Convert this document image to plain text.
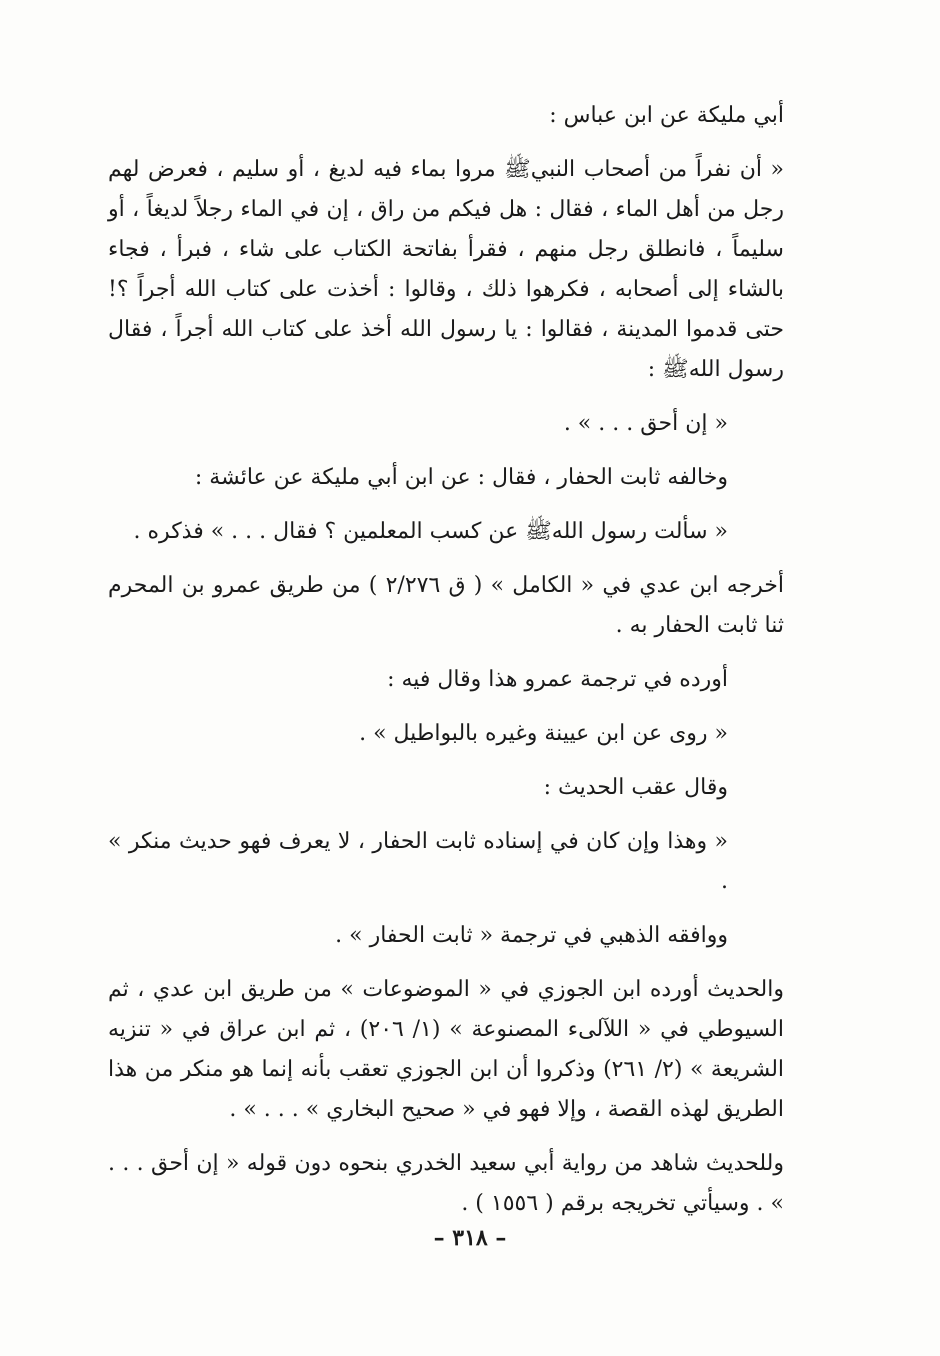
أبي مليكة عن ابن عباس :

« أن نفراً من أصحاب النبيﷺ مروا بماء فيه لديغ ، أو سليم ، فعرض لهم رجل من أهل الماء ، فقال : هل فيكم من راق ، إن في الماء رجلاً لديغاً ، أو سليماً ، فانطلق رجل منهم ، فقرأ بفاتحة الكتاب على شاء ، فبرأ ، فجاء بالشاء إلى أصحابه ، فكرهوا ذلك ، وقالوا : أخذت على كتاب الله أجراً ؟! حتى قدموا المدينة ، فقالوا : يا رسول الله أخذ على كتاب الله أجراً ، فقال رسول اللهﷺ :

« إن أحق . . . » .

وخالفه ثابت الحفار ، فقال : عن ابن أبي مليكة عن عائشة :

« سألت رسول اللهﷺ عن كسب المعلمين ؟ فقال . . . » فذكره .

أخرجه ابن عدي في « الكامل » ( ق ٢/٢٧٦ ) من طريق عمرو بن المحرم ثنا ثابت الحفار به .

أورده في ترجمة عمرو هذا وقال فيه :

« روى عن ابن عيينة وغيره بالبواطيل » .

وقال عقب الحديث :

« وهذا وإن كان في إسناده ثابت الحفار ، لا يعرف فهو حديث منكر » .

ووافقه الذهبي في ترجمة « ثابت الحفار » .

والحديث أورده ابن الجوزي في « الموضوعات » من طريق ابن عدي ، ثم السيوطي في « اللآلىء المصنوعة » (١/ ٢٠٦) ، ثم ابن عراق في « تنزيه الشريعة » (٢/ ٢٦١) وذكروا أن ابن الجوزي تعقب بأنه إنما هو منكر من هذا الطريق لهذه القصة ، وإلا فهو في « صحيح البخاري » . . . » .

وللحديث شاهد من رواية أبي سعيد الخدري بنحوه دون قوله « إن أحق . . . » . وسيأتي تخريجه برقم ( ١٥٥٦ ) .

– ٣١٨ –
